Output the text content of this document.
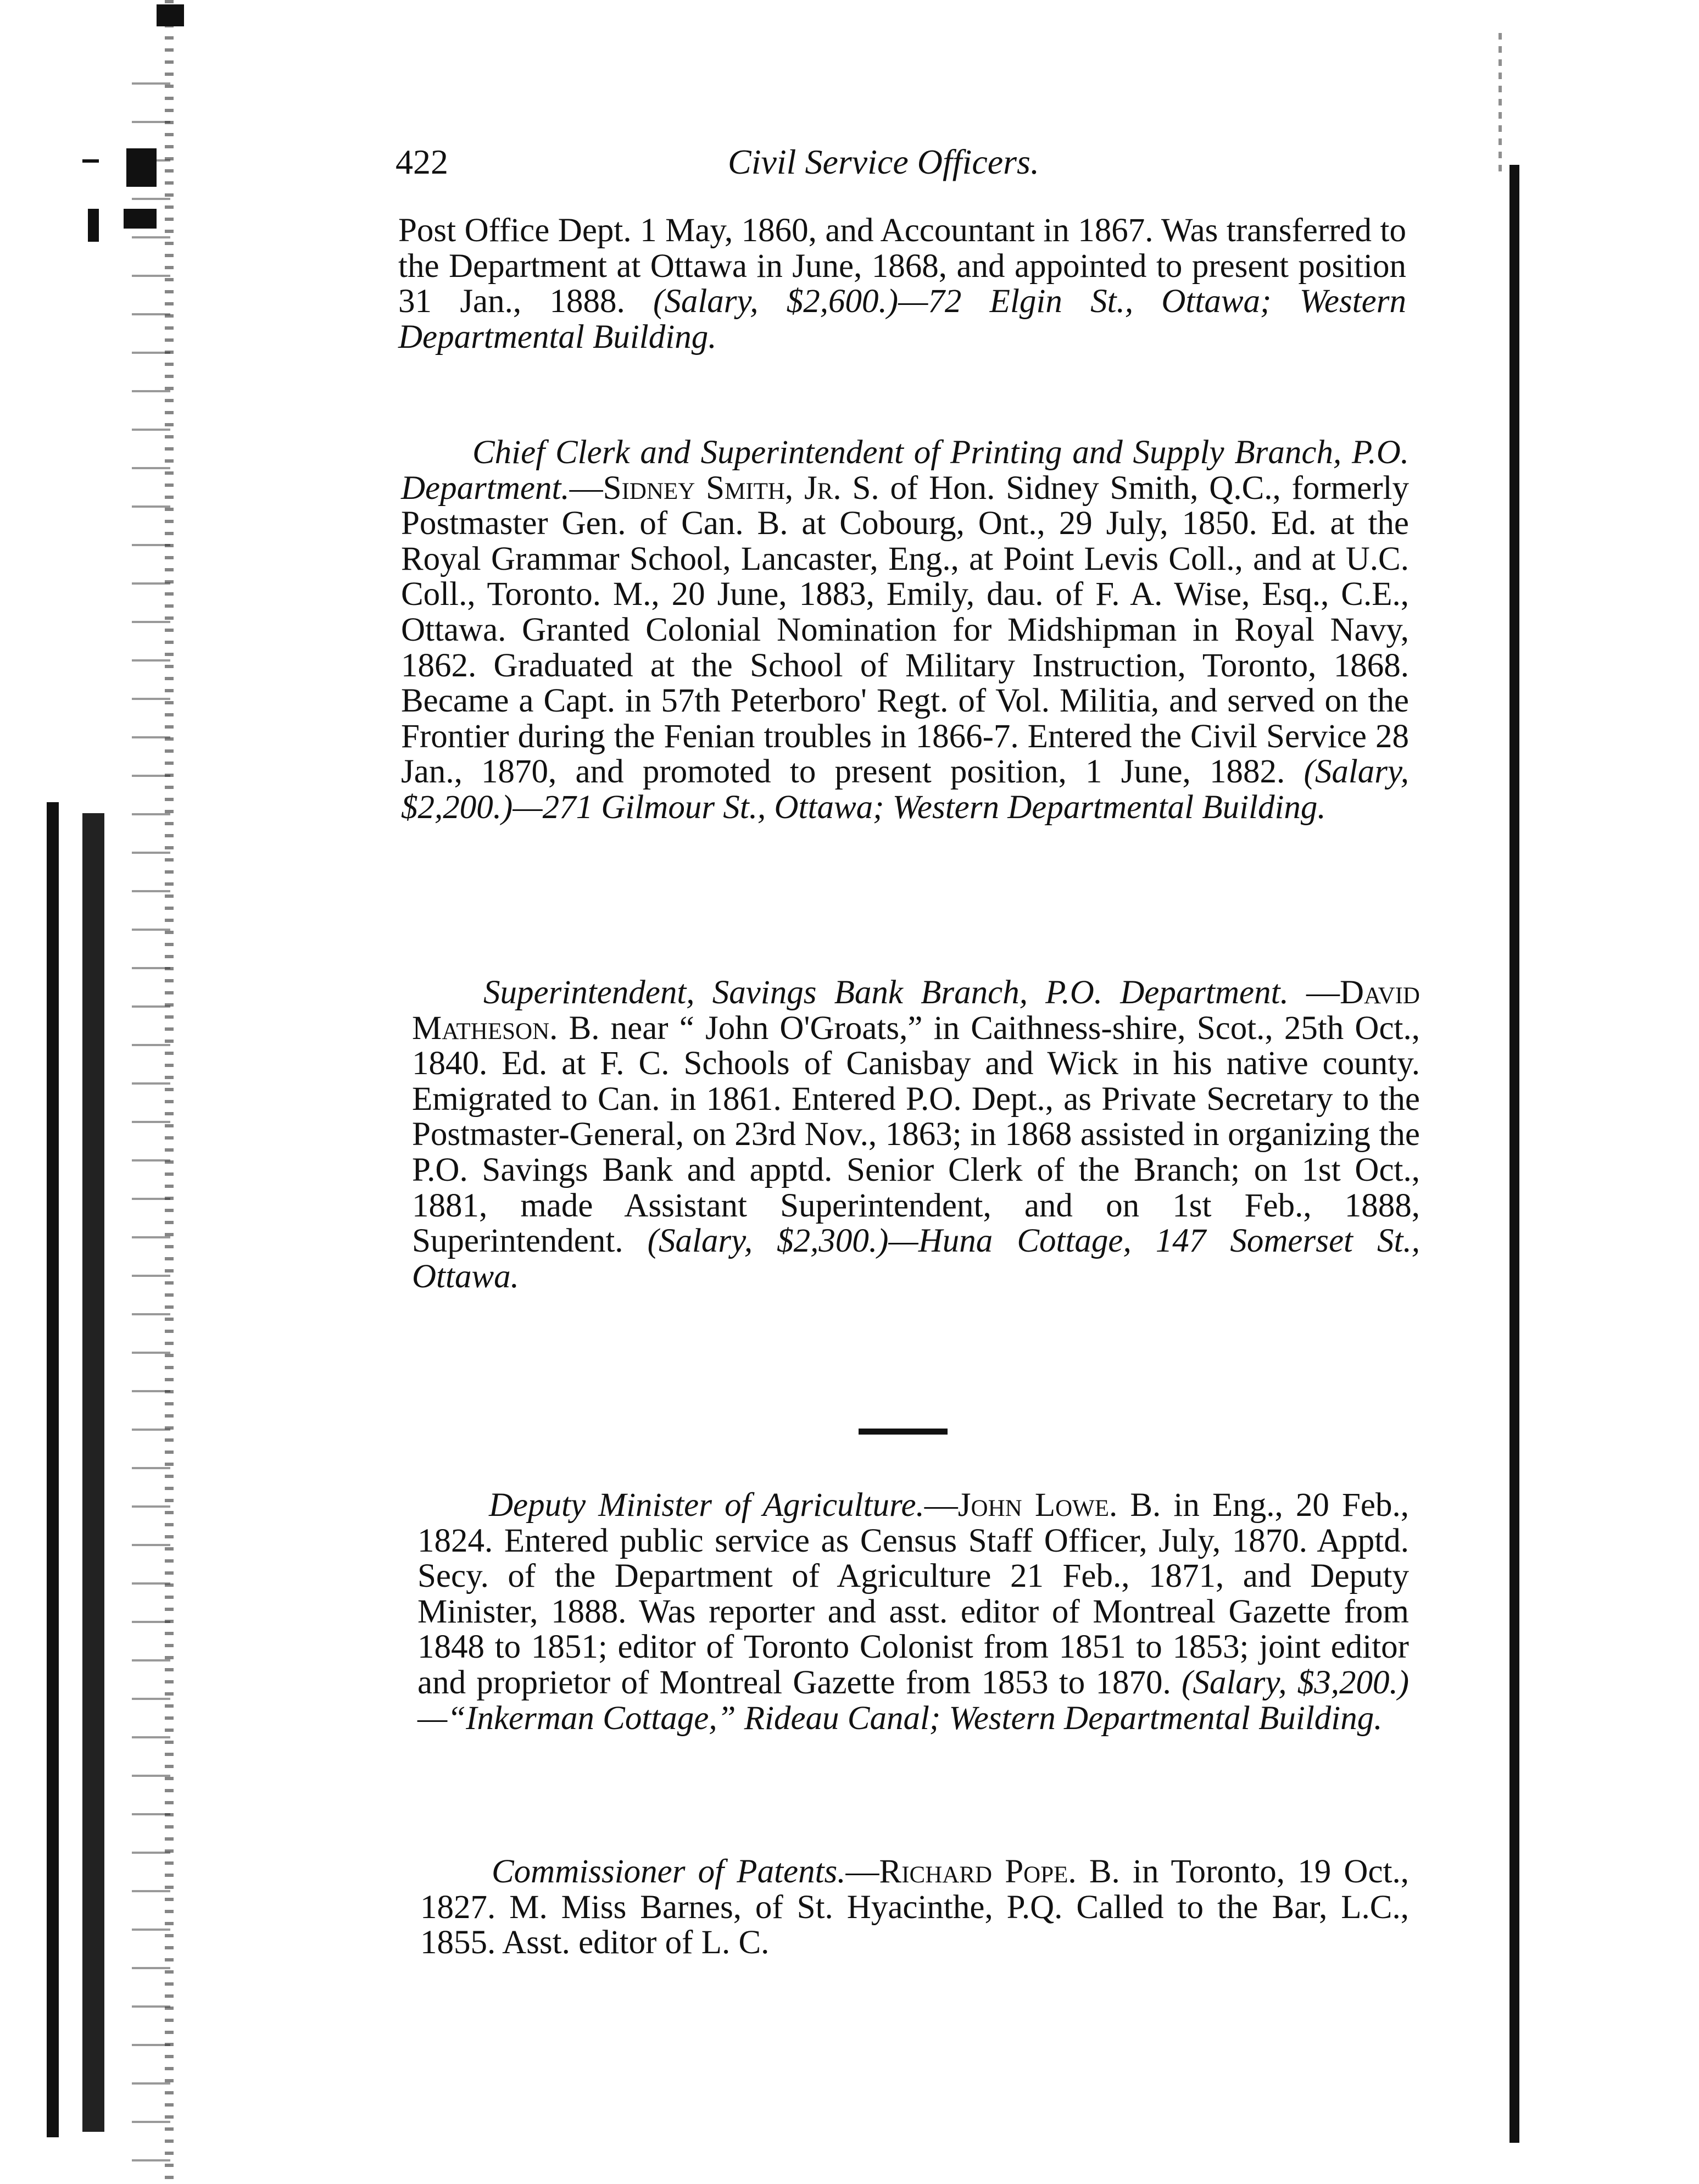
422	Civil Service Officers.

Post Office Dept. 1 May, 1860, and Accountant in 1867. Was transferred to the Department at Ottawa in June, 1868, and appointed to present position 31 Jan., 1888. (Salary, $2,600.)—72 Elgin St., Ottawa; Western Departmental Building.

Chief Clerk and Superintendent of Printing and Supply Branch, P.O. Department.—Sidney Smith, Jr. S. of Hon. Sidney Smith, Q.C., formerly Postmaster Gen. of Can. B. at Cobourg, Ont., 29 July, 1850. Ed. at the Royal Grammar School, Lancaster, Eng., at Point Levis Coll., and at U.C. Coll., Toronto. M., 20 June, 1883, Emily, dau. of F. A. Wise, Esq., C.E., Ottawa. Granted Colonial Nomination for Midshipman in Royal Navy, 1862. Graduated at the School of Military Instruction, Toronto, 1868. Became a Capt. in 57th Peterboro' Regt. of Vol. Militia, and served on the Frontier during the Fenian troubles in 1866-7. Entered the Civil Service 28 Jan., 1870, and promoted to present position, 1 June, 1882. (Salary, $2,200.)—271 Gilmour St., Ottawa; Western Departmental Building.

Superintendent, Savings Bank Branch, P.O. Department. —David Matheson. B. near “ John O'Groats,” in Caithness-shire, Scot., 25th Oct., 1840. Ed. at F. C. Schools of Canisbay and Wick in his native county. Emigrated to Can. in 1861. Entered P.O. Dept., as Private Secretary to the Postmaster-General, on 23rd Nov., 1863; in 1868 assisted in organizing the P.O. Savings Bank and apptd. Senior Clerk of the Branch; on 1st Oct., 1881, made Assistant Superintendent, and on 1st Feb., 1888, Superintendent. (Salary, $2,300.)—Huna Cottage, 147 Somerset St., Ottawa.

Deputy Minister of Agriculture.—John Lowe. B. in Eng., 20 Feb., 1824. Entered public service as Census Staff Officer, July, 1870. Apptd. Secy. of the Department of Agriculture 21 Feb., 1871, and Deputy Minister, 1888. Was reporter and asst. editor of Montreal Gazette from 1848 to 1851; editor of Toronto Colonist from 1851 to 1853; joint editor and proprietor of Montreal Gazette from 1853 to 1870. (Salary, $3,200.)—“Inkerman Cottage,” Rideau Canal; Western Departmental Building.

Commissioner of Patents.—Richard Pope. B. in Toronto, 19 Oct., 1827. M. Miss Barnes, of St. Hyacinthe, P.Q. Called to the Bar, L.C., 1855. Asst. editor of L. C.
